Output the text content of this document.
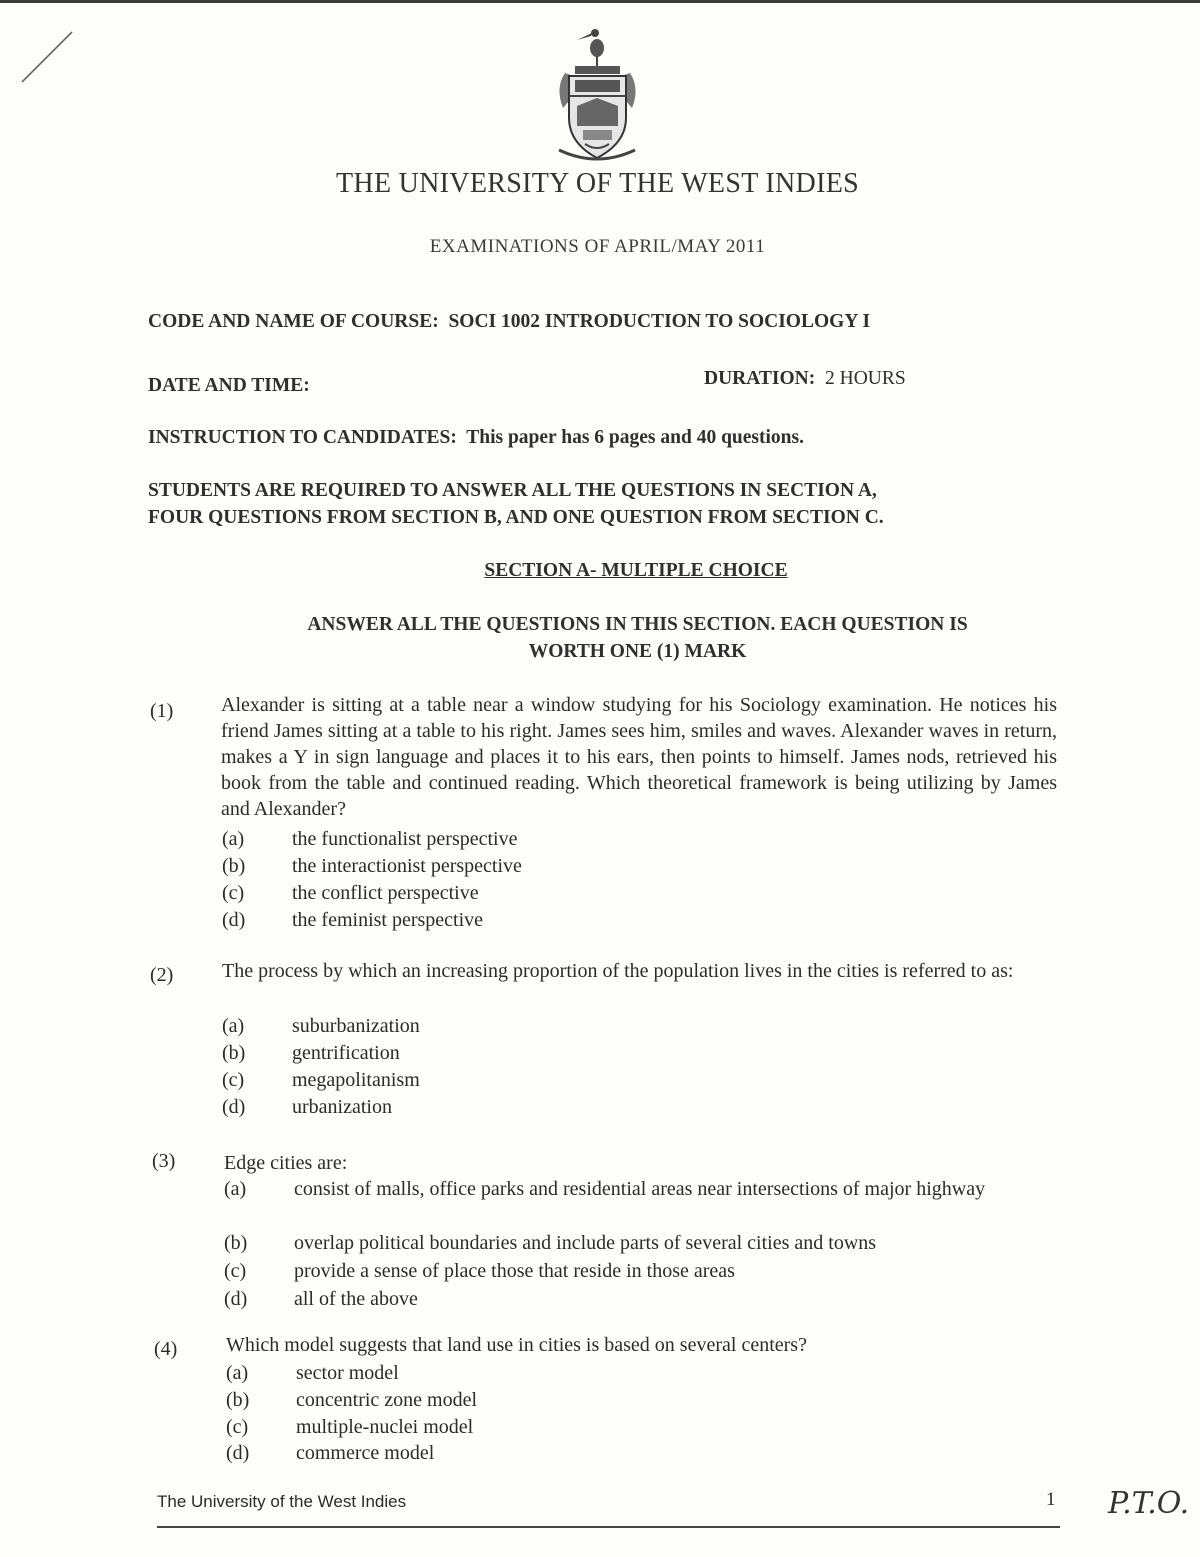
THE UNIVERSITY OF THE WEST INDIES
EXAMINATIONS OF APRIL/MAY 2011
CODE AND NAME OF COURSE: SOCI 1002 INTRODUCTION TO SOCIOLOGY I
DATE AND TIME:	DURATION: 2 HOURS
INSTRUCTION TO CANDIDATES: This paper has 6 pages and 40 questions.
STUDENTS ARE REQUIRED TO ANSWER ALL THE QUESTIONS IN SECTION A,
FOUR QUESTIONS FROM SECTION B, AND ONE QUESTION FROM SECTION C.
SECTION A- MULTIPLE CHOICE
ANSWER ALL THE QUESTIONS IN THIS SECTION. EACH QUESTION IS
WORTH ONE (1) MARK
(1) Alexander is sitting at a table near a window studying for his Sociology examination. He notices his friend James sitting at a table to his right. James sees him, smiles and waves. Alexander waves in return, makes a Y in sign language and places it to his ears, then points to himself. James nods, retrieved his book from the table and continued reading. Which theoretical framework is being utilizing by James and Alexander?
(a) the functionalist perspective
(b) the interactionist perspective
(c) the conflict perspective
(d) the feminist perspective
(2) The process by which an increasing proportion of the population lives in the cities is referred to as:
(a) suburbanization
(b) gentrification
(c) megapolitanism
(d) urbanization
(3) Edge cities are:
(a) consist of malls, office parks and residential areas near intersections of major highway
(b) overlap political boundaries and include parts of several cities and towns
(c) provide a sense of place those that reside in those areas
(d) all of the above
(4) Which model suggests that land use in cities is based on several centers?
(a) sector model
(b) concentric zone model
(c) multiple-nuclei model
(d) commerce model
The University of the West Indies	1 P.T.O.
